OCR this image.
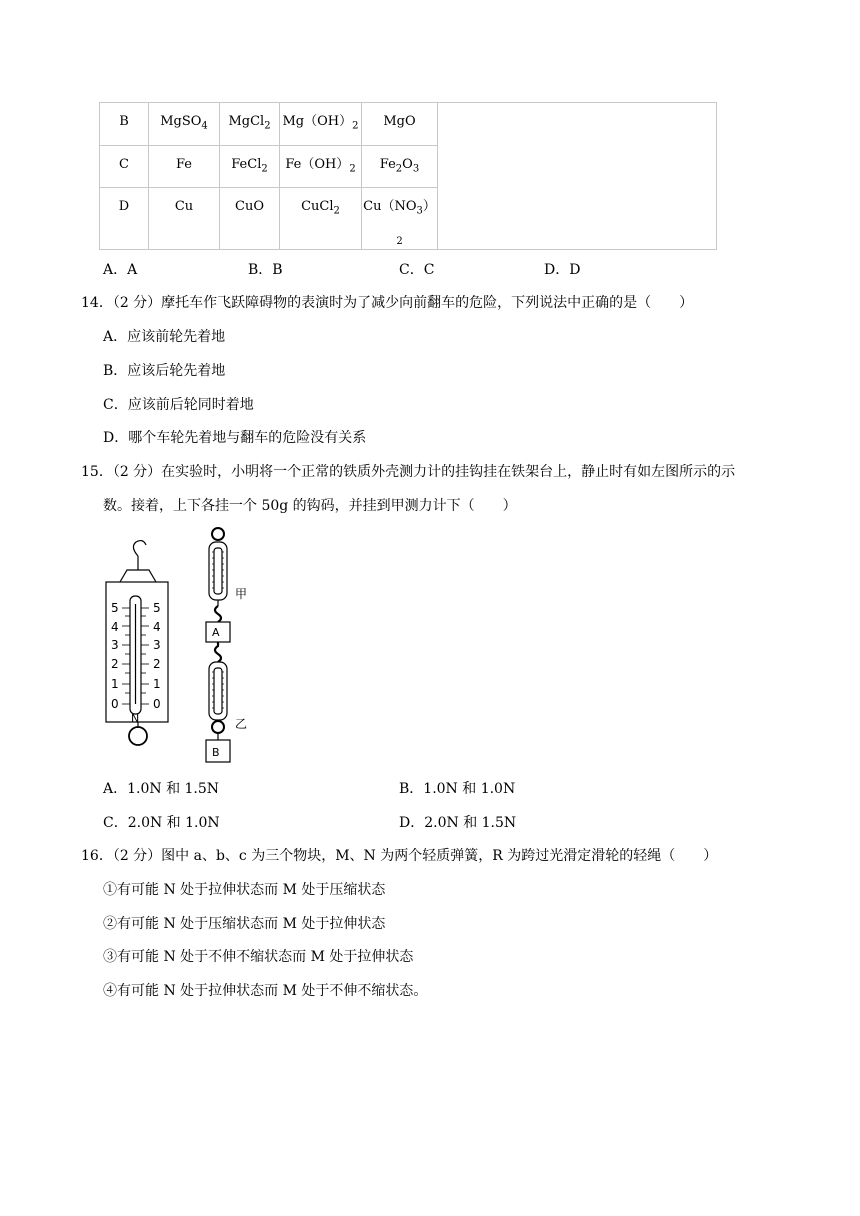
B	MgSO$_4$	MgCl$_2$	$Mg(OH)_2$	MgO	
C	Fe	FeCl$_2$	$Fe(OH)_2$	$Fe_2O_3$
D	Cu	CuO	CuCl$_2$	$Cu(NO_3)$
2	
A．A	B．B	C．C	D．D
14．（2 分）摩托车作飞跃障碍物的表演时为了减少向前翻车的危险，下列说法中正确的是（　　）
A．应该前轮先着地
B．应该后轮先着地
C．应该前后轮同时着地
D．哪个车轮先着地与翻车的危险没有关系
15．（2 分）在实验时，小明将一个正常的铁质外壳测力计的挂钩挂在铁架台上，静止时有如左图所示的示
数。接着，上下各挂一个 50g 的钩码，并挂到甲测力计下（　　）
5
4
3
2
1
0
5
4
3
2
1
0
N
甲
A
乙
B
A．1.0N 和 1.5N	B．1.0N 和 1.0N
C．2.0N 和 1.0N	D．2.0N 和 1.5N
16．（2 分）图中 a、b、c 为三个物块，M、N 为两个轻质弹簧，R 为跨过光滑定滑轮的轻绳（　　）
①有可能 N 处于拉伸状态而 M 处于压缩状态
②有可能 N 处于压缩状态而 M 处于拉伸状态
③有可能 N 处于不伸不缩状态而 M 处于拉伸状态
④有可能 N 处于拉伸状态而 M 处于不伸不缩状态。
